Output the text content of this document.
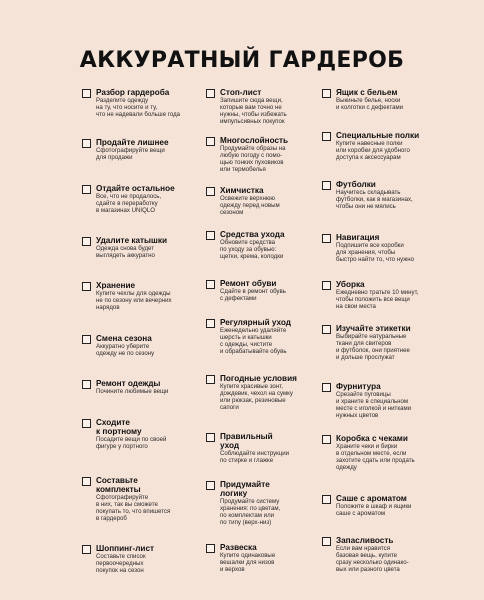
АККУРАТНЫЙ ГАРДЕРОБ
Разбор гардероба
Разделите одежду
на ту, что носите и ту,
что не надевали больше года
Продайте лишнее
Сфотографируйте вещи
для продажи
Отдайте остальное
Все, что не продалось,
сдайте в переработку
в магазинах UNIQLO
Удалите катышки
Одежда снова будет
выглядеть аккуратно
Хранение
Купите чехлы для одежды
не по сезону или вечерних
нарядов
Смена сезона
Аккуратно уберите
одежду не по сезону
Ремонт одежды
Почините любимые вещи
Сходите
к портному
Посадите вещи по своей
фигуре у портного
Составьте
комплекты
Сфотографируйте
в них, так вы сможете
покупать то, что впишется
в гардероб
Шоппинг-лист
Составьте список
первоочередных
покупок на сезон
Стоп-лист
Запишите сюда вещи,
которые вам точно не
нужны, чтобы избежать
импульсивных покупок
Многослойность
Продумайте образы на
любую погоду с помо-
щью тонких пуховиков
или термобелья
Химчистка
Освежите верхнюю
одежду перед новым
сезоном
Средства ухода
Обновите средства
по уходу за обувью:
щетки, крема, колодки
Ремонт обуви
Сдайте в ремонт обувь
с дефектами
Регулярный уход
Еженедельно удаляйте
шерсть и катышки
с одежды, чистите
и обрабатывайте обувь
Погодные условия
Купите красивые зонт,
дождевик, чехол на сумку
или рюкзак, резиновые
сапоги
Правильный
уход
Соблюдайте инструкции
по стирке и глажке
Придумайте
логику
Продумайте систему
хранения: по цветам,
по комплектам или
по типу (верх-низ)
Развеска
Купите одинаковые
вешалки для низов
и верхов
Ящик с бельем
Выкиньте белье, носки
и колготки с дефектами
Специальные полки
Купите навесные полки
или коробки для удобного
доступа к аксессуарам
Футболки
Научитесь складывать
футболки, как в магазинах,
чтобы они не мялись
Навигация
Подпишите все коробки
для хранения, чтобы
быстро найти то, что нужно
Уборка
Ежедневно тратьте 10 минут,
чтобы положить все вещи
на свои места
Изучайте этикетки
Выбирайте натуральные
ткани для свитеров
и футболок, они приятнее
и дольше прослужат
Фурнитура
Срезайте пуговицы
и храните в специальном
месте с иголкой и нитками
нужных цветов
Коробка с чеками
Храните чеки и бирки
в отдельном месте, если
захотите сдать или продать
одежду
Саше с ароматом
Положите в шкаф и ящики
саше с ароматом
Запасливость
Если вам нравится
базовая вещь, купите
сразу несколько одинако-
вых или разного цвета
